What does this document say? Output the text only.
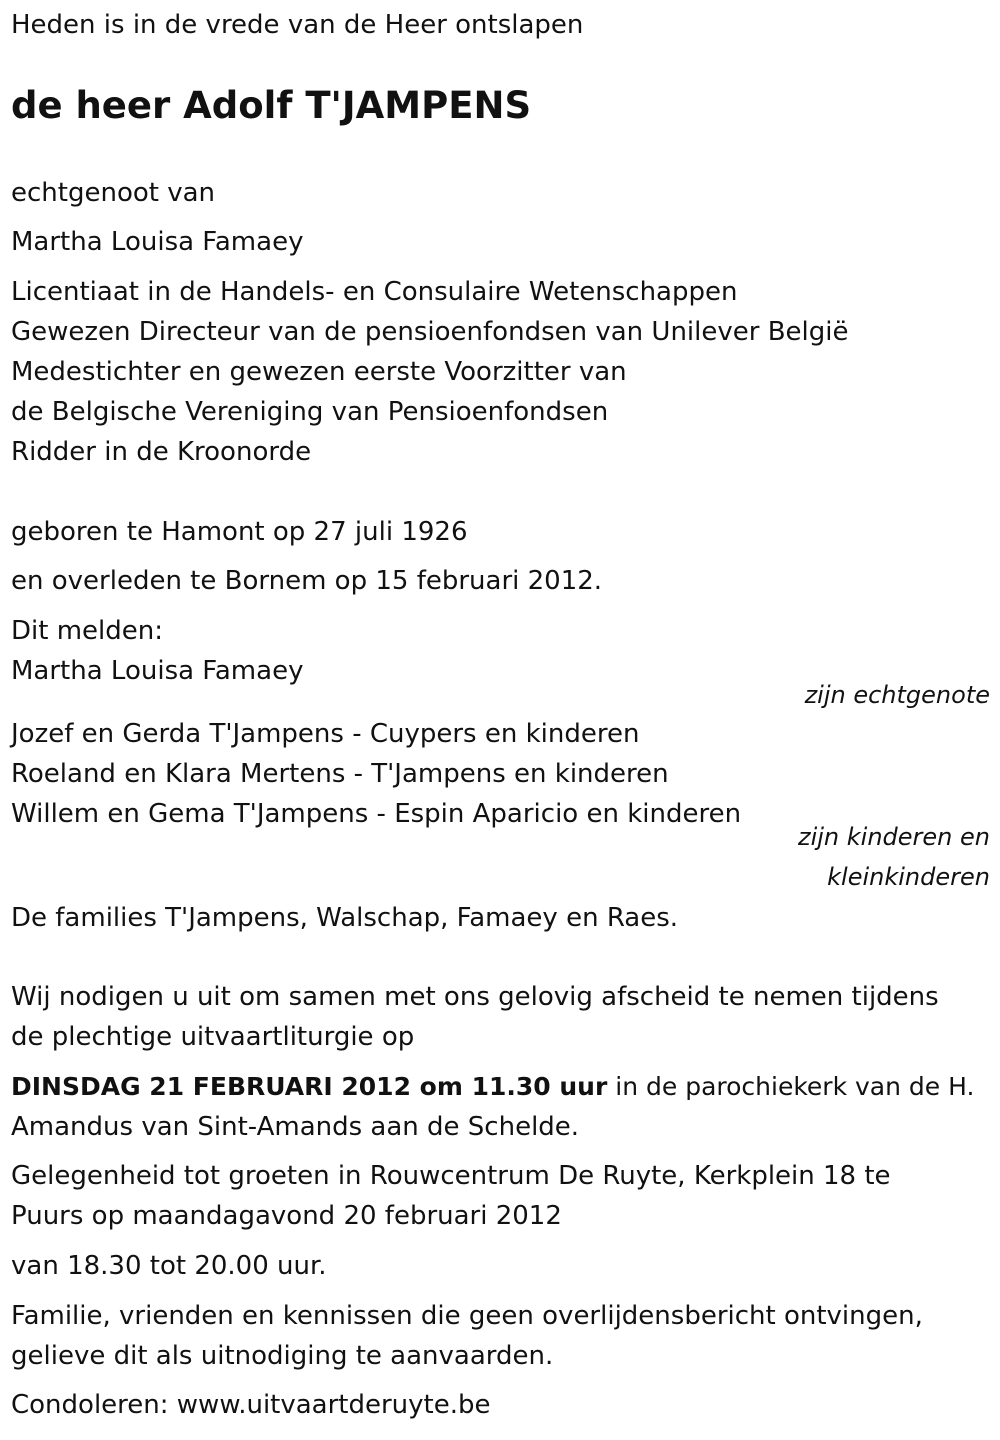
Heden is in de vrede van de Heer ontslapen
de heer Adolf T'JAMPENS
echtgenoot van
Martha Louisa Famaey
Licentiaat in de Handels- en Consulaire Wetenschappen
Gewezen Directeur van de pensioenfondsen van Unilever België
Medestichter en gewezen eerste Voorzitter van
de Belgische Vereniging van Pensioenfondsen
Ridder in de Kroonorde
geboren te Hamont op 27 juli 1926
en overleden te Bornem op 15 februari 2012.
Dit melden:
Martha Louisa Famaey
zijn echtgenote
Jozef en Gerda T'Jampens - Cuypers en kinderen
Roeland en Klara Mertens - T'Jampens en kinderen
Willem en Gema T'Jampens - Espin Aparicio en kinderen
zijn kinderen en
kleinkinderen
De families T'Jampens, Walschap, Famaey en Raes.
Wij nodigen u uit om samen met ons gelovig afscheid te nemen tijdens
de plechtige uitvaartliturgie op
DINSDAG 21 FEBRUARI 2012 om 11.30 uur in de parochiekerk van de H.
Amandus van Sint-Amands aan de Schelde.
Gelegenheid tot groeten in Rouwcentrum De Ruyte, Kerkplein 18 te
Puurs op maandagavond 20 februari 2012
van 18.30 tot 20.00 uur.
Familie, vrienden en kennissen die geen overlijdensbericht ontvingen,
gelieve dit als uitnodiging te aanvaarden.
Condoleren: www.uitvaartderuyte.be
